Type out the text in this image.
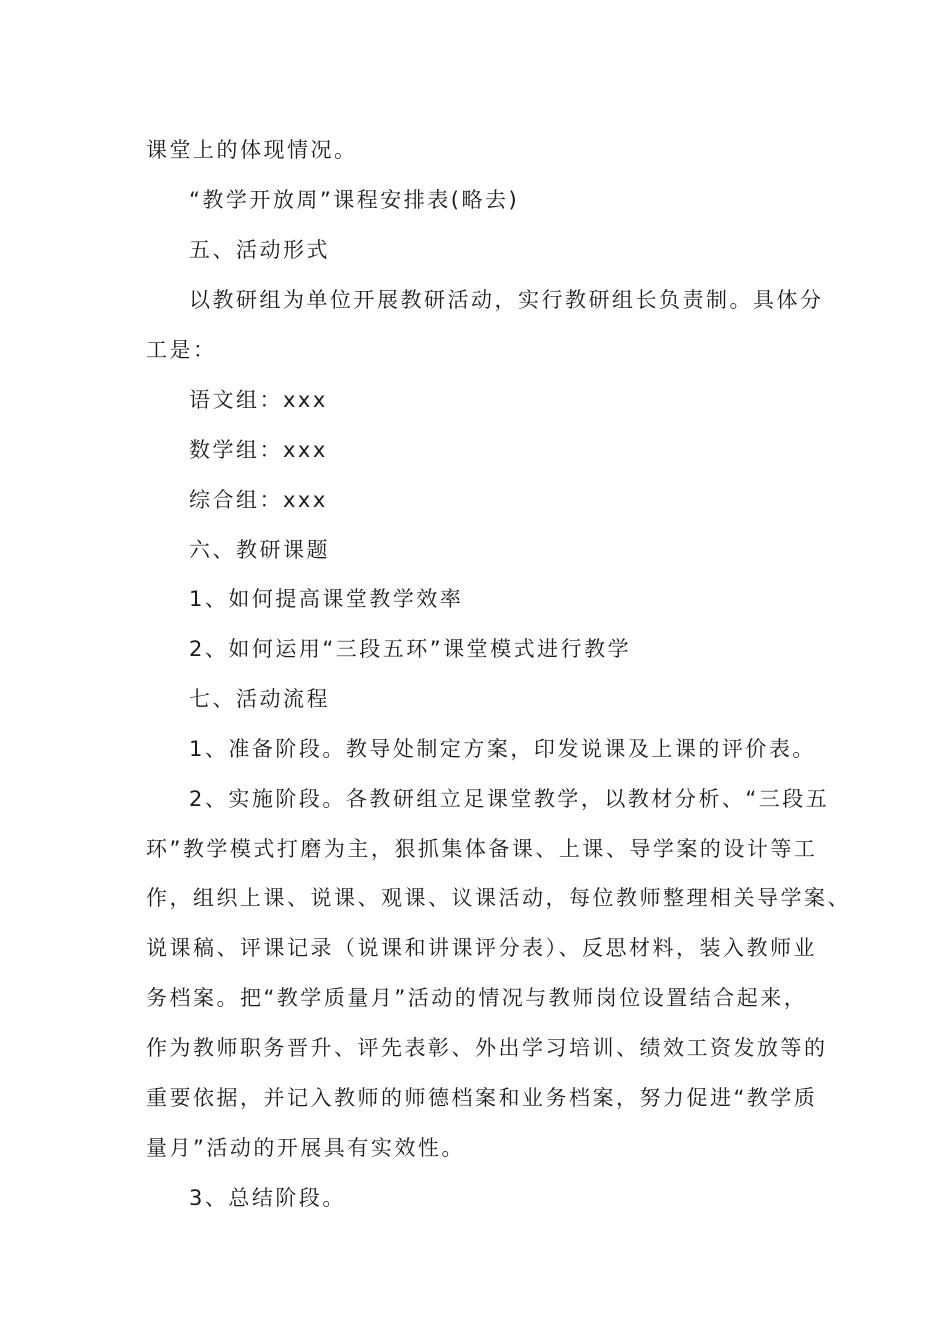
课堂上的体现情况。
“教学开放周”课程安排表(略去)
五、活动形式
以教研组为单位开展教研活动，实行教研组长负责制。具体分
工是：
语文组：xxx
数学组：xxx
综合组：xxx
六、教研课题
1、如何提高课堂教学效率
2、如何运用“三段五环”课堂模式进行教学
七、活动流程
1、准备阶段。教导处制定方案，印发说课及上课的评价表。
2、实施阶段。各教研组立足课堂教学，以教材分析、“三段五
环”教学模式打磨为主，狠抓集体备课、上课、导学案的设计等工
作，组织上课、说课、观课、议课活动，每位教师整理相关导学案、
说课稿、评课记录（说课和讲课评分表）、反思材料，装入教师业
务档案。把“教学质量月”活动的情况与教师岗位设置结合起来，
作为教师职务晋升、评先表彰、外出学习培训、绩效工资发放等的
重要依据，并记入教师的师德档案和业务档案，努力促进“教学质
量月”活动的开展具有实效性。
3、总结阶段。
